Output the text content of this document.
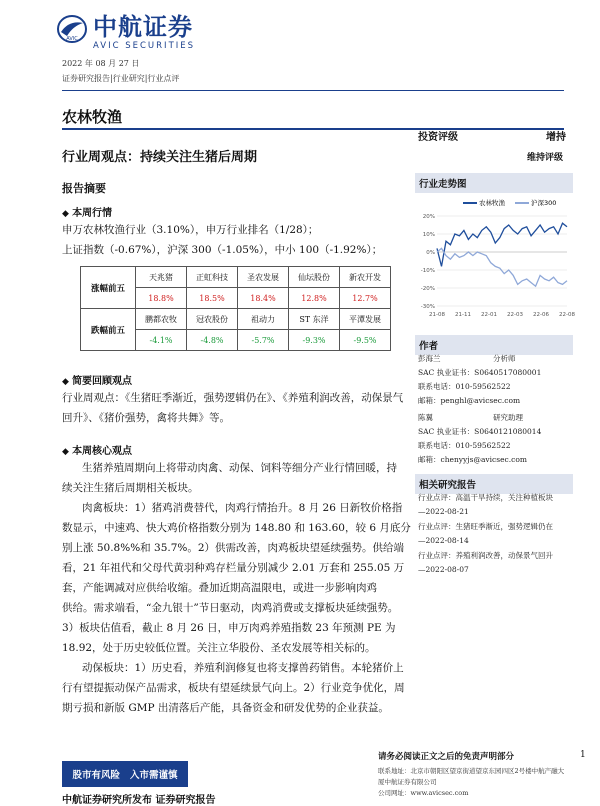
AVIC 中航证券
AVIC SECURITIES
2022 年 08 月 27 日
证券研究报告|行业研究|行业点评
农林牧渔
投资评级	增持
维持评级
行业周观点：持续关注生猪后周期
报告摘要
◆ 本周行情
申万农林牧渔行业（3.10%），申万行业排名（1/28）；
上证指数（-0.67%），沪深 300（-1.05%），中小 100（-1.92%）；
涨幅前五	天兆猪	正虹科技	圣农发展	仙坛股份	新农开发
	18.8%	18.5%	18.4%	12.8%	12.7%
跌幅前五	鹏都农牧	冠农股份	祖动力	ST 东洋	平潭发展
	-4.1%	-4.8%	-5.7%	-9.3%	-9.5%
◆ 简要回顾观点
行业周观点：《生猪旺季渐近，强势逻辑仍在》、《养殖利润改善，动保景气
回升》、《猪价强势，禽将共舞》等。
◆ 本周核心观点
生猪养殖周期向上将带动肉禽、动保、饲料等细分产业行情回暖，持
续关注生猪后周期相关板块。
肉禽板块：1）猪鸡消费替代，肉鸡行情抬升。8 月 26 日新牧价格指
数显示，中速鸡、快大鸡价格指数分别为 148.80 和 163.60，较 6 月底分
别上涨 50.8%%和 35.7%。2）供需改善，肉鸡板块望延续强势。供给端
看，21 年祖代和父母代黄羽种鸡存栏量分别减少 2.01 万套和 255.05 万
套，产能调减对应供给收缩。叠加近期高温限电，或进一步影响肉鸡
供给。需求端看，“金九银十”节日驱动，肉鸡消费或支撑板块延续强势。
3）板块估值看，截止 8 月 26 日，申万肉鸡养殖指数 23 年预测 PE 为
18.92，处于历史较低位置。关注立华股份、圣农发展等相关标的。
动保板块：1）历史看，养殖利润修复也将支撑兽药销售。本轮猪价上
行有望提振动保产品需求，板块有望延续景气向上。2）行业竞争优化，周
期亏损和新版 GMP 出清落后产能，具备资金和研发优势的企业获益。
行业走势图
21-08 21-11 22-01 22-03 22-06 22-08
20%
10%
0%
-10%
-20%
-30%
农林牧渔	沪深300
作者
彭海兰	分析师
SAC 执业证书：S0640517080001
联系电话：010-59562522
邮箱：penghl@avicsec.com
陈翼	研究助理
SAC 执业证书：S0640121080014
联系电话：010-59562522
邮箱：chenyyjs@avicsec.com
相关研究报告
行业点评：高温干旱持续，关注种植板块
—2022-08-21
行业点评：生猪旺季渐近，强势逻辑仍在
—2022-08-14
行业点评：养殖利润改善，动保景气回升
—2022-08-07
股市有风险 入市需谨慎
请务必阅读正文之后的免责声明部分	1
联系地址：北京市朝阳区望京街道望京东园四区2号楼中航产融大
厦中航证券有限公司
公司网址：www.avicsec.com
中航证券研究所发布 证券研究报告
